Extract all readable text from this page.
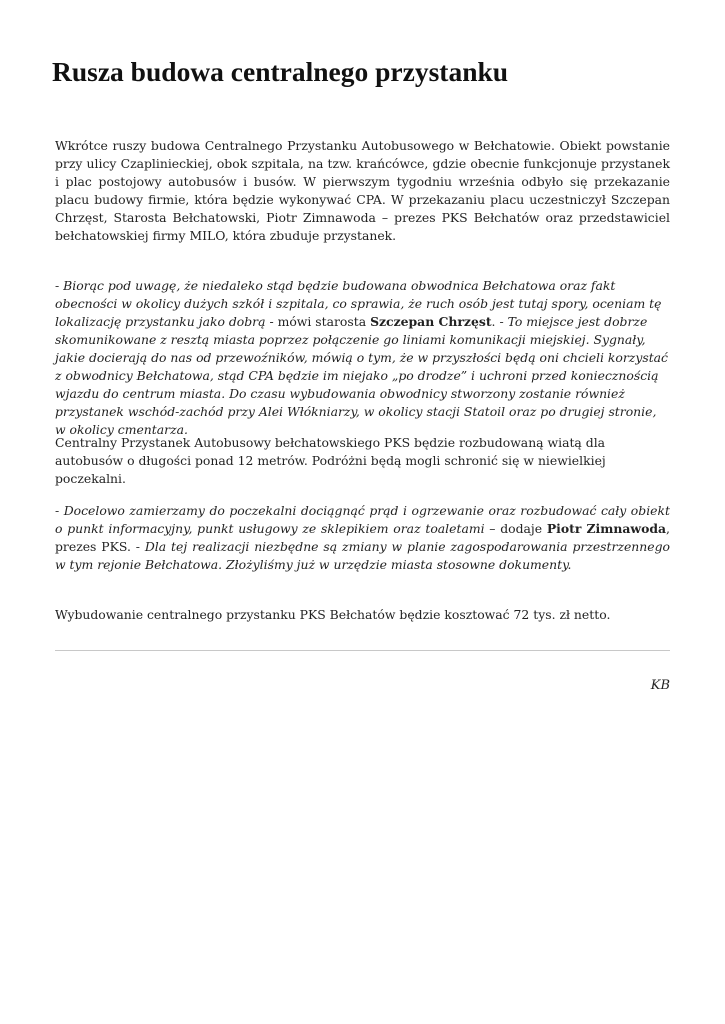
Rusza budowa centralnego przystanku

Wkrótce ruszy budowa Centralnego Przystanku Autobusowego w Bełchatowie. Obiekt powstanie przy ulicy Czaplinieckiej, obok szpitala, na tzw. krańcówce, gdzie obecnie funkcjonuje przystanek i plac postojowy autobusów i busów. W pierwszym tygodniu września odbyło się przekazanie placu budowy firmie, która będzie wykonywać CPA. W przekazaniu placu uczestniczył Szczepan Chrzęst, Starosta Bełchatowski, Piotr Zimnawoda – prezes PKS Bełchatów oraz przedstawiciel bełchatowskiej firmy MILO, która zbuduje przystanek.

- Biorąc pod uwagę, że niedaleko stąd będzie budowana obwodnica Bełchatowa oraz fakt obecności w okolicy dużych szkół i szpitala, co sprawia, że ruch osób jest tutaj spory, oceniam tę lokalizację przystanku jako dobrą - mówi starosta Szczepan Chrzęst. - To miejsce jest dobrze skomunikowane z resztą miasta poprzez połączenie go liniami komunikacji miejskiej. Sygnały, jakie docierają do nas od przewoźników, mówią o tym, że w przyszłości będą oni chcieli korzystać z obwodnicy Bełchatowa, stąd CPA będzie im niejako „po drodze” i uchroni przed koniecznością wjazdu do centrum miasta. Do czasu wybudowania obwodnicy stworzony zostanie również przystanek wschód-zachód przy Alei Włókniarzy, w okolicy stacji Statoil oraz po drugiej stronie, w okolicy cmentarza.

Centralny Przystanek Autobusowy bełchatowskiego PKS będzie rozbudowaną wiatą dla autobusów o długości ponad 12 metrów. Podróżni będą mogli schronić się w niewielkiej poczekalni.

- Docelowo zamierzamy do poczekalni dociągnąć prąd i ogrzewanie oraz rozbudować cały obiekt o punkt informacyjny, punkt usługowy ze sklepikiem oraz toaletami – dodaje Piotr Zimnawoda, prezes PKS. - Dla tej realizacji niezbędne są zmiany w planie zagospodarowania przestrzennego w tym rejonie Bełchatowa. Złożyliśmy już w urzędzie miasta stosowne dokumenty.

Wybudowanie centralnego przystanku PKS Bełchatów będzie kosztować 72 tys. zł netto.

KB
